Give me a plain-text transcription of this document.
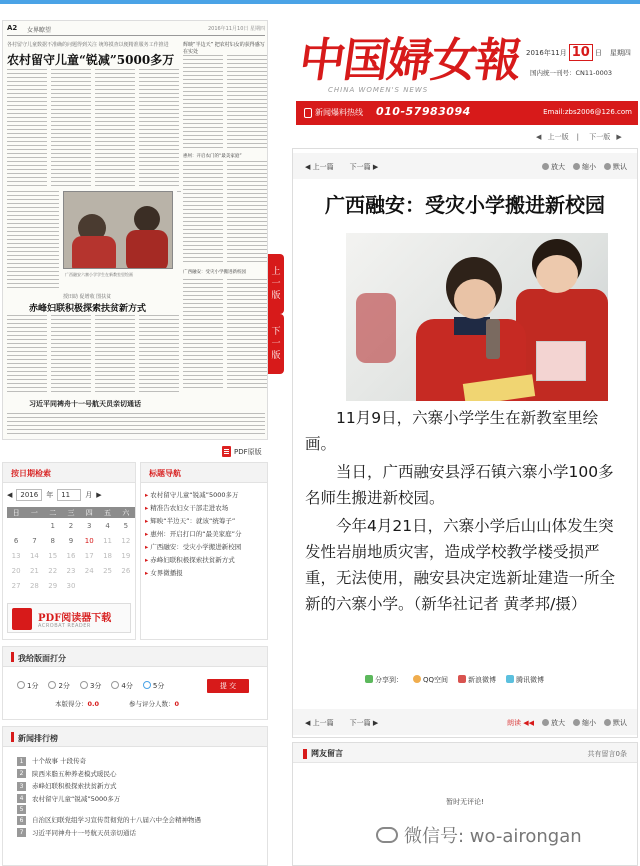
A2 女界瞭望	2016年11月10日 星期四
各村留守儿童数据不准确的问题得到关注 统筹摸查以便精准服务工作推进
农村留守儿童“锐减”5000多万
辉映“半边天” 把农村妇女的获得感写在实处
惠州：开启农门的“最美家庭”
广西融安六寨小学学生在新教室里绘画	广西融安：受灾小学搬进新校园
授田助 促增收 图扶贫
赤峰妇联积极探索扶贫新方式
习近平同裨舟十一号航天员亲切通话
PDF原版
上
一
版
下
一
版
中国婦女報
CHINA WOMEN'S NEWS
2016年11月 10 日 星期四
国内统一刊号：CN11-0003
新闻爆料热线 010-57983094	Email:zbs2006@126.com
◀ 上一版 | 下一版 ▶
◀ 上一篇 下一篇 ▶	放大	缩小	默认
广西融安：受灾小学搬进新校园

11月9日，六寨小学学生在新教室里绘画。

当日，广西融安县浮石镇六寨小学100多名师生搬进新校园。

今年4月21日，六寨小学后山山体发生突发性岩崩地质灾害，造成学校教学楼受损严重，无法使用，融安县决定选新址建造一所全新的六寨小学。（新华社记者 黄孝邦/摄）

分享到：	QQ空间	新浪微博	腾讯微博
◀ 上一篇 下一篇 ▶	朗读 ◀◀	放大	缩小	默认
网友留言	共有留言0条
暂时无评论!
微信号: wo-airongan
按日期检索
◀	2016	年	11	月 ▶
日	一	二	三	四	五	六
		1	2	3	4	5
6	7	8	9	10	11	12
13	14	15	16	17	18	19
20	21	22	23	24	25	26
27	28	29	30			
PDF阅读器下载
ACROBAT READER
标题导航
▸ 农村留守儿童“锐减”5000多万
▸ 精准告农妇女干部走进农场
▸ 辉映“半边天”：就该“统筹子”
▸ 惠州：开启打口的“最美家庭”分
▸ 广西融安：受灾小学搬进新校园
▸ 赤峰妇联积极探索扶贫新方式
▸ 女界微播报
我给版面打分
1分	2分	3分	4分	5分	提 交
本版得分：0.0	参与评分人数：0
新闻排行榜
1	十个故事 十段传奇
2	陕西米脂五种养老模式暖民心
3	赤峰妇联积极探索扶贫新方式
4	农村留守儿童“锐减”5000多万
5
6	自治区妇联党组学习宣传贯彻党的十八届六中全会精神物遇
7	习近平同神舟十一号航天员亲切通话
